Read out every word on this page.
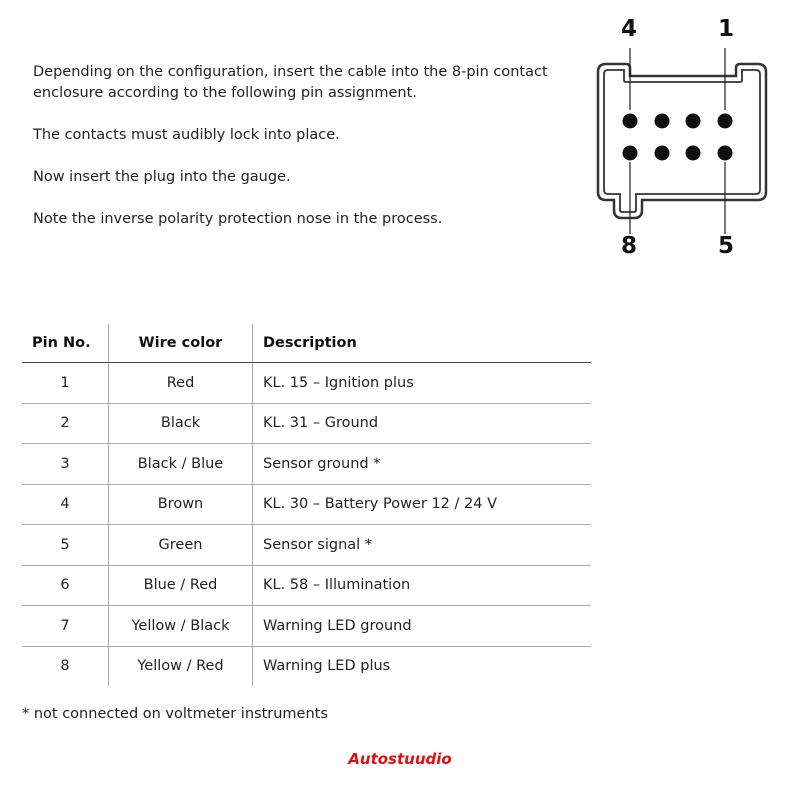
Depending on the configuration, insert the cable into the 8-pin contact enclosure according to the following pin assignment.

The contacts must audibly lock into place.

Now insert the plug into the gauge.

Note the inverse polarity protection nose in the process.

4	1
8	5
Pin No.	Wire color	Description
1	Red	KL. 15 – Ignition plus
2	Black	KL. 31 – Ground
3	Black / Blue	Sensor ground *
4	Brown	KL. 30 – Battery Power 12 / 24 V
5	Green	Sensor signal *
6	Blue / Red	KL. 58 – Illumination
7	Yellow / Black	Warning LED ground
8	Yellow / Red	Warning LED plus
* not connected on voltmeter instruments
Autostuudio
